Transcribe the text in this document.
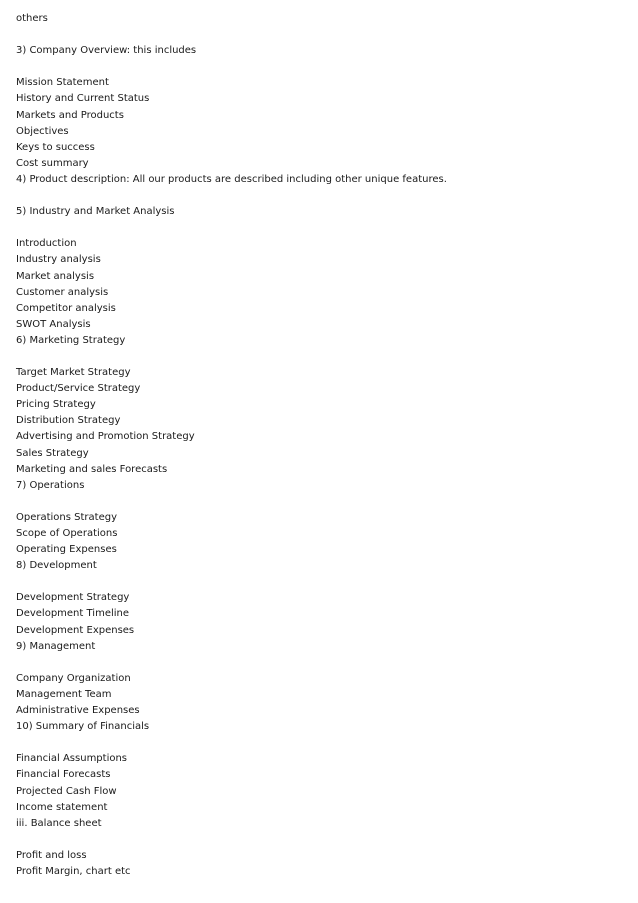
others
3) Company Overview: this includes
Mission Statement
History and Current Status
Markets and Products
Objectives
Keys to success
Cost summary
4) Product description: All our products are described including other unique features.
5) Industry and Market Analysis
Introduction
Industry analysis
Market analysis
Customer analysis
Competitor analysis
SWOT Analysis
6) Marketing Strategy
Target Market Strategy
Product/Service Strategy
Pricing Strategy
Distribution Strategy
Advertising and Promotion Strategy
Sales Strategy
Marketing and sales Forecasts
7) Operations
Operations Strategy
Scope of Operations
Operating Expenses
8) Development
Development Strategy
Development Timeline
Development Expenses
9) Management
Company Organization
Management Team
Administrative Expenses
10) Summary of Financials
Financial Assumptions
Financial Forecasts
Projected Cash Flow
Income statement
iii. Balance sheet
Profit and loss
Profit Margin, chart etc
